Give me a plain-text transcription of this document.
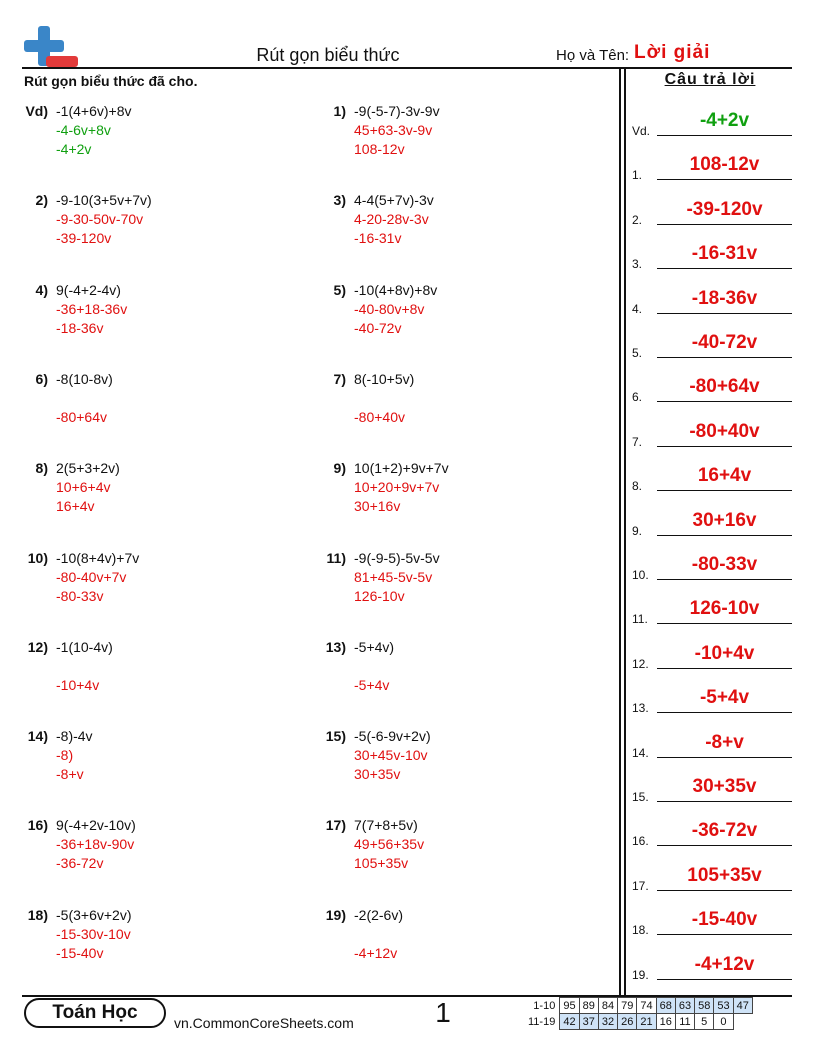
Rút gọn biểu thức	Họ và Tên: Lời giải
Rút gọn biểu thức đã cho.	Câu trả lời
Vd) -1(4+6v)+8v
-4-6v+8v
-4+2v
1) -9(-5-7)-3v-9v
45+63-3v-9v
108-12v
2) -9-10(3+5v+7v)
-9-30-50v-70v
-39-120v
3) 4-4(5+7v)-3v
4-20-28v-3v
-16-31v
4) 9(-4+2-4v)
-36+18-36v
-18-36v
5) -10(4+8v)+8v
-40-80v+8v
-40-72v
6) -8(10-8v)
-80+64v
7) 8(-10+5v)
-80+40v
8) 2(5+3+2v)
10+6+4v
16+4v
9) 10(1+2)+9v+7v
10+20+9v+7v
30+16v
10) -10(8+4v)+7v
-80-40v+7v
-80-33v
11) -9(-9-5)-5v-5v
81+45-5v-5v
126-10v
12) -1(10-4v)
-10+4v
13) -5+4v)
-5+4v
14) -8)-4v
-8)
-8+v
15) -5(-6-9v+2v)
30+45v-10v
30+35v
16) 9(-4+2v-10v)
-36+18v-90v
-36-72v
17) 7(7+8+5v)
49+56+35v
105+35v
18) -5(3+6v+2v)
-15-30v-10v
-15-40v
19) -2(2-6v)
-4+12v
Vd.	-4+2v
1.	108-12v
2.	-39-120v
3.	-16-31v
4.	-18-36v
5.	-40-72v
6.	-80+64v
7.	-80+40v
8.	16+4v
9.	30+16v
10.	-80-33v
11.	126-10v
12.	-10+4v
13.	-5+4v
14.	-8+v
15.	30+35v
16.	-36-72v
17.	105+35v
18.	-15-40v
19.	-4+12v
Toán Học	vn.CommonCoreSheets.com	1	1-10	95	89	84	79	74	68	63	58	53	47
11-19	42	37	32	26	21	16	11	5	0	
